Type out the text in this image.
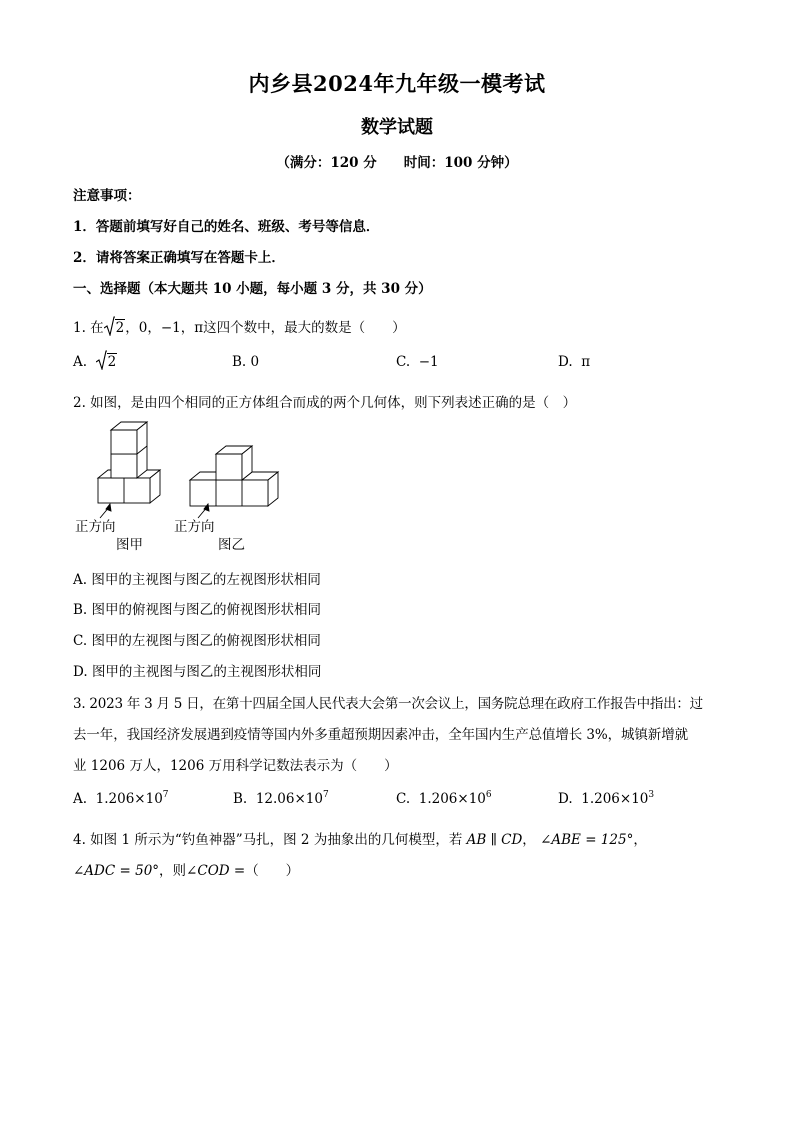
内乡县2024年九年级一模考试
数学试题
（满分：120 分　　时间：100 分钟）
注意事项：
1．答题前填写好自己的姓名、班级、考号等信息．
2．请将答案正确填写在答题卡上．
一、选择题（本大题共 10 小题，每小题 3 分，共 30 分）
1. 在 2，0，−1，π这四个数中，最大的数是（　　）
A. 2	B. 0	C. −1	D. π
2. 如图，是由四个相同的正方体组合而成的两个几何体，则下列表述正确的是（　）
正方向
图甲
正方向
图乙
A. 图甲的主视图与图乙的左视图形状相同
B. 图甲的俯视图与图乙的俯视图形状相同
C. 图甲的左视图与图乙的俯视图形状相同
D. 图甲的主视图与图乙的主视图形状相同
3. 2023 年 3 月 5 日，在第十四届全国人民代表大会第一次会议上，国务院总理在政府工作报告中指出：过
去一年，我国经济发展遇到疫情等国内外多重超预期因素冲击，全年国内生产总值增长 3%，城镇新增就
业 1206 万人，1206 万用科学记数法表示为（　　）
A. $1.206\times 10^7$	B. $12.06\times 10^7$	C. $1.206\times 10^6$	D. $1.206\times 10^3$
4. 如图 1 所示为“钓鱼神器”马扎，图 2 为抽象出的几何模型，若 AB ∥ CD， ∠ABE = 125°，
∠ADC = 50°，则∠COD =（　　）
